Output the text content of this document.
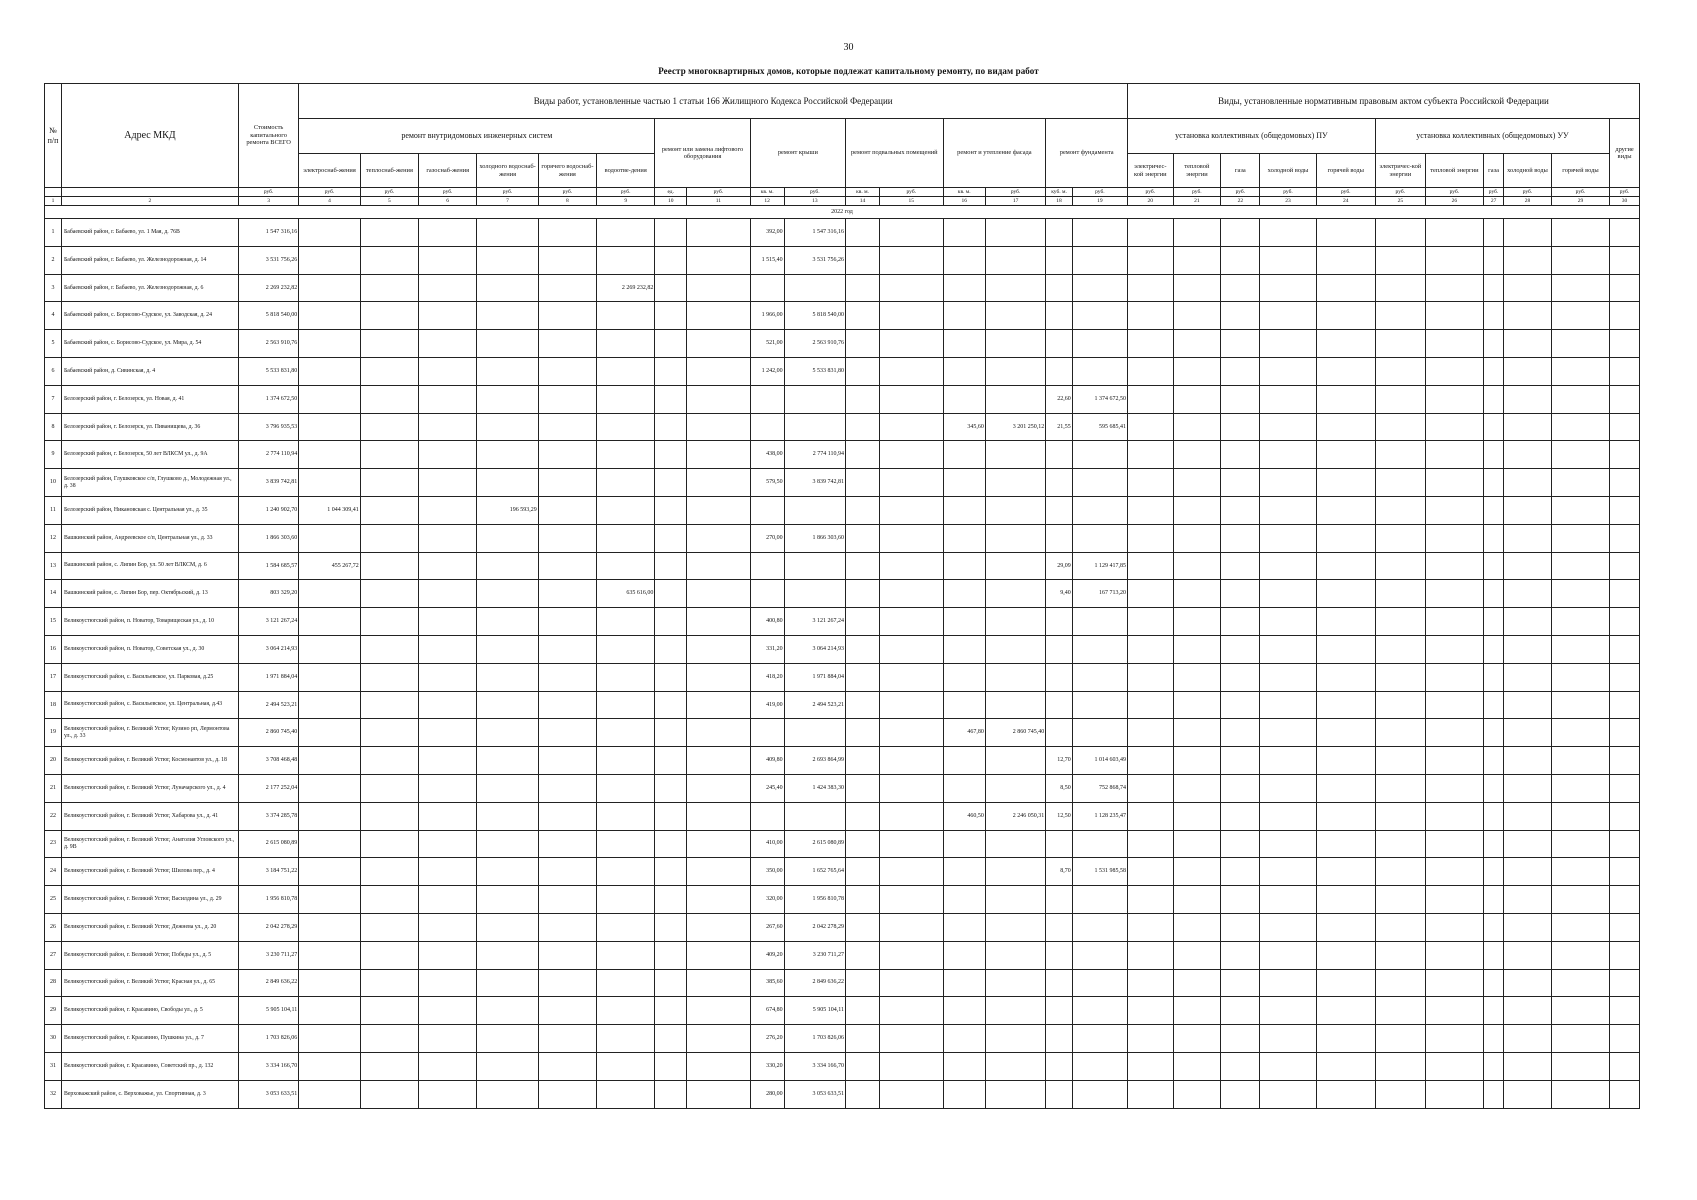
30
Реестр многоквартирных домов, которые подлежат капитальному ремонту, по видам работ
№ п/п	Адрес МКД	Стоимость капитального ремонта ВСЕГО	Виды работ, установленные частью 1 статьи 166 Жилищного Кодекса Российской Федерации																Виды, установленные нормативным правовым актом субъекта Российской Федерации										
			ремонт внутридомовых инженерных систем						ремонт или замена лифтового оборудования		ремонт крыши		ремонт подвальных помещений		ремонт и утепление фасада		ремонт фундамента		установка коллективных (общедомовых) ПУ					установка коллективных (общедомовых) УУ					другие виды
			электроснаб-жения	теплоснаб-жения	газоснаб-жения	холодного водоснаб-жения	горячего водоснаб-жения	водоотве-дения											электричес-кой энергии	тепловой энергии	газа	холодной воды	горячей воды	электричес-кой энергии	тепловой энергии	газа	холодной воды	горячей воды	
		руб.	руб.	руб.	руб.	руб.	руб.	руб.	ед.	руб.	кв. м.	руб.	кв. м.	руб.	кв. м.	руб.	куб. м.	руб.	руб.	руб.	руб.	руб.	руб.	руб.	руб.	руб.	руб.	руб.	руб.
1	2	3	4	5	6	7	8	9	10	11	12	13	14	15	16	17	18	19	20	21	22	23	24	25	26	27	28	29	30
2022 год																													
1	Бабаевский район, г. Бабаево, ул. 1 Мая, д. 76В	1 547 316,16									392,00	1 547 316,16																	
2	Бабаевский район, г. Бабаево, ул. Железнодорожная, д. 14	3 531 756,26									1 515,40	3 531 756,26																	
3	Бабаевский район, г. Бабаево, ул. Железнодорожная, д. 6	2 269 232,82						2 269 232,82																					
4	Бабаевский район, с. Борисово-Судское, ул. Заводская, д. 24	5 818 540,00									1 966,00	5 818 540,00																	
5	Бабаевский район, с. Борисово-Судское, ул. Мира, д. 54	2 563 910,76									521,00	2 563 910,76																	
6	Бабаевский район, д. Сивинская, д. 4	5 533 831,80									1 242,00	5 533 831,80																	
7	Белозерский район, г. Белозерск, ул. Новая, д. 41	1 374 672,50															22,60	1 374 672,50											
8	Белозерский район, г. Белозерск, ул. Пиванищева, д. 36	3 796 935,53													345,60	3 201 250,12	21,55	595 685,41											
9	Белозерский район, г. Белозерск, 50 лет ВЛКСМ ул., д. 9А	2 774 110,94									438,00	2 774 110,94																	
10	Белозерский район, Глушковское с/п, Глушково д., Молодежная ул., д. 38	3 839 742,81									579,50	3 839 742,81																	
11	Белозерский район, Никановская с. Центральная ул., д. 35	1 240 902,70	1 044 309,41			196 593,29																							
12	Вашкинский район, Андреевское с/п, Центральная ул., д. 33	1 866 303,60									270,00	1 866 303,60																	
13	Вашкинский район, с. Липин Бор, ул. 50 лет ВЛКСМ, д. 6	1 584 685,57	455 267,72														29,09	1 129 417,85											
14	Вашкинский район, с. Липин Бор, пер. Октябрьский, д. 13	803 329,20						635 616,00									9,40	167 713,20											
15	Великоустюгский район, п. Новатор, Товарищеская ул., д. 10	3 121 267,24									400,80	3 121 267,24																	
16	Великоустюгский район, п. Новатор, Советская ул., д. 30	3 064 214,93									331,20	3 064 214,93																	
17	Великоустюгский район, с. Васильевское, ул. Парковая, д.25	1 971 884,04									418,20	1 971 884,04																	
18	Великоустюгский район, с. Васильевское, ул. Центральная, д.43	2 494 523,21									419,00	2 494 523,21																	
19	Великоустюгский район, г. Великий Устюг, Кузино рп, Лермонтова ул., д. 33	2 860 745,40													467,80	2 860 745,40													
20	Великоустюгский район, г. Великий Устюг, Космонавтов ул., д. 18	3 708 468,48									409,80	2 693 864,99					12,70	1 014 603,49											
21	Великоустюгский район, г. Великий Устюг, Луначарского ул., д. 4	2 177 252,04									245,40	1 424 383,30					8,50	752 868,74											
22	Великоустюгский район, г. Великий Устюг, Хабарова ул., д. 41	3 374 285,78													460,50	2 246 050,31	12,50	1 128 235,47											
23	Великоустюгский район, г. Великий Устюг, Анатолия Угловского ул., д. 9В	2 615 080,89									410,00	2 615 080,89																	
24	Великоустюгский район, г. Великий Устюг, Шилова пер., д. 4	3 184 751,22									350,00	1 652 765,64					8,70	1 531 985,58											
25	Великоустюгский район, г. Великий Устюг, Василдина ул., д. 29	1 956 810,78									320,00	1 956 810,78																	
26	Великоустюгский район, г. Великий Устюг, Дежнева ул., д. 20	2 042 278,29									267,60	2 042 278,29																	
27	Великоустюгский район, г. Великий Устюг, Победы ул., д. 5	3 230 711,27									409,20	3 230 711,27																	
28	Великоустюгский район, г. Великий Устюг, Красная ул., д. 65	2 849 636,22									385,60	2 849 636,22																	
29	Великоустюгский район, г. Красавино, Свободы ул., д. 5	5 905 104,11									674,80	5 905 104,11																	
30	Великоустюгский район, г. Красавино, Пушкина ул., д. 7	1 703 826,06									276,20	1 703 826,06																	
31	Великоустюгский район, г. Красавино, Советский пр., д. 132	3 334 166,70									330,20	3 334 166,70																	
32	Верховажский район, с. Верховажье, ул. Спортивная, д. 3	3 053 633,51									280,00	3 053 633,51																	
